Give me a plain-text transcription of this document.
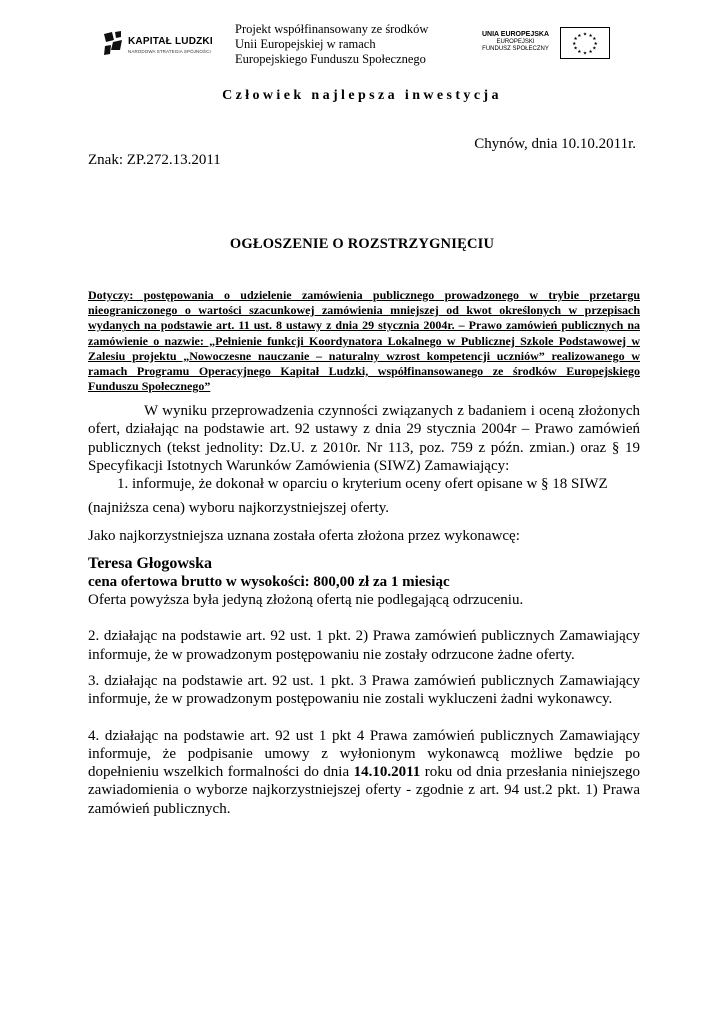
KAPITAŁ LUDZKI
NARODOWA STRATEGIA SPÓJNOŚCI
Projekt współfinansowany ze środków
Unii Europejskiej w ramach
Europejskiego Funduszu Społecznego
UNIA EUROPEJSKA
EUROPEJSKI
FUNDUSZ SPOŁECZNY
★ ★
★
★
★
★
★
★
★
★
★
★
Człowiek najlepsza inwestycja
Chynów, dnia 10.10.2011r.
Znak: ZP.272.13.2011
OGŁOSZENIE O ROZSTRZYGNIĘCIU
Dotyczy: postępowania o udzielenie zamówienia publicznego prowadzonego w trybie przetargu nieograniczonego o wartości szacunkowej zamówienia mniejszej od kwot określonych w przepisach wydanych na podstawie art. 11 ust. 8 ustawy z dnia 29 stycznia 2004r. – Prawo zamówień publicznych na zamówienie o nazwie: „Pełnienie funkcji Koordynatora Lokalnego w Publicznej Szkole Podstawowej w Zalesiu projektu „Nowoczesne nauczanie – naturalny wzrost kompetencji uczniów” realizowanego w ramach Programu Operacyjnego Kapitał Ludzki, współfinansowanego ze środków Europejskiego Funduszu Społecznego”

W wyniku przeprowadzenia czynności związanych z badaniem i oceną złożonych ofert, działając na podstawie art. 92 ustawy z dnia 29 stycznia 2004r – Prawo zamówień publicznych (tekst jednolity: Dz.U. z 2010r. Nr 113, poz. 759 z późn. zmian.) oraz § 19 Specyfikacji Istotnych Warunków Zamówienia (SIWZ) Zamawiający:

1. informuje, że dokonał w oparciu o kryterium oceny ofert opisane w § 18 SIWZ

(najniższa cena) wyboru najkorzystniejszej oferty.

Jako najkorzystniejsza uznana została oferta złożona przez wykonawcę:

Teresa Głogowska
cena ofertowa brutto w wysokości: 800,00 zł za 1 miesiąc

Oferta powyższa była jedyną złożoną ofertą nie podlegającą odrzuceniu.

2. działając na podstawie art. 92 ust. 1 pkt. 2) Prawa zamówień publicznych Zamawiający informuje, że w prowadzonym postępowaniu nie zostały odrzucone żadne oferty.

3. działając na podstawie art. 92 ust. 1 pkt. 3 Prawa zamówień publicznych Zamawiający informuje, że w prowadzonym postępowaniu nie zostali wykluczeni żadni wykonawcy.

4. działając na podstawie art. 92 ust 1 pkt 4 Prawa zamówień publicznych Zamawiający informuje, że podpisanie umowy z wyłonionym wykonawcą możliwe będzie po dopełnieniu wszelkich formalności do dnia 14.10.2011 roku od dnia przesłania niniejszego zawiadomienia o wyborze najkorzystniejszej oferty - zgodnie z art. 94 ust.2 pkt. 1) Prawa zamówień publicznych.
